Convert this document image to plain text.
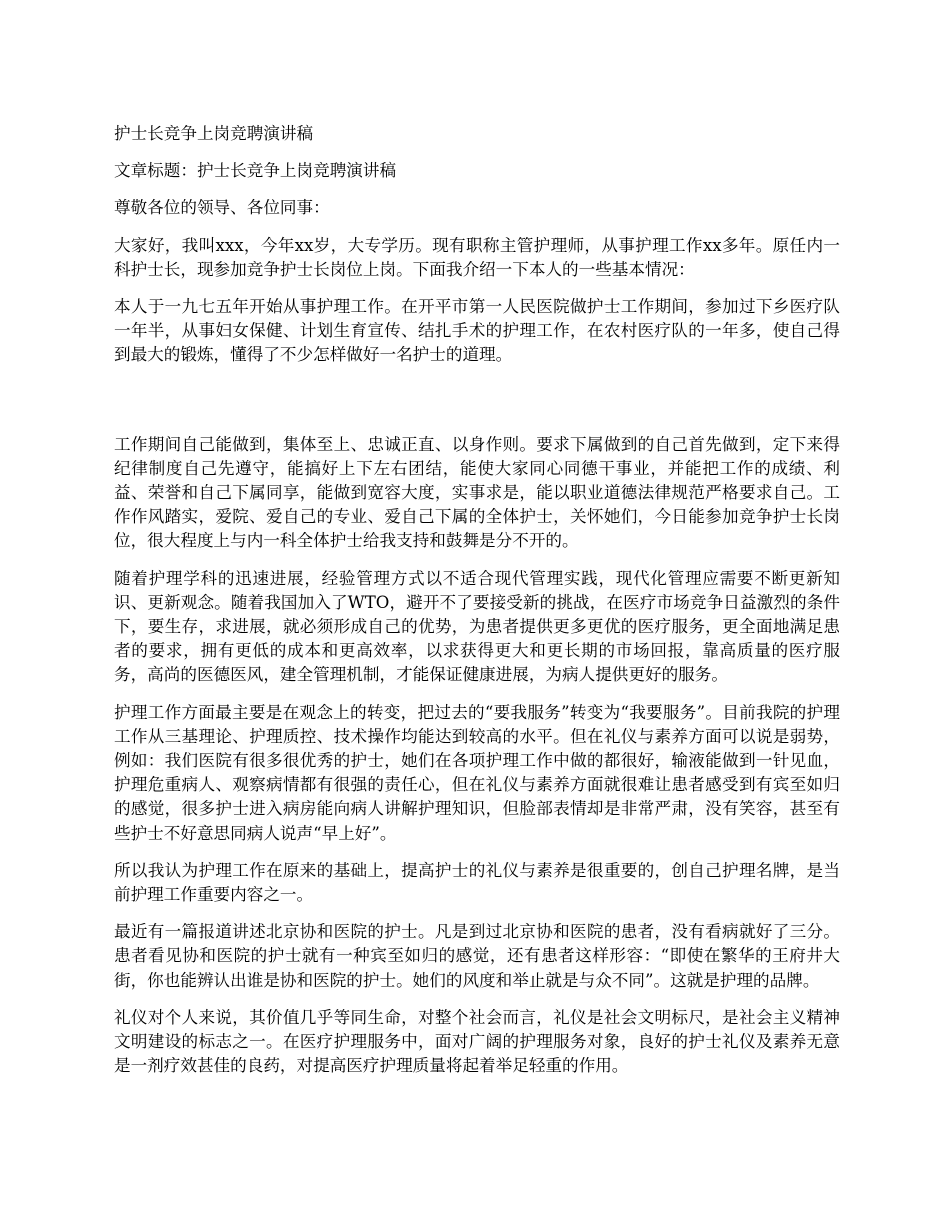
护士长竞争上岗竞聘演讲稿

文章标题：护士长竞争上岗竞聘演讲稿

尊敬各位的领导、各位同事：

大家好，我叫xxx，今年xx岁，大专学历。现有职称主管护理师，从事护理工作xx多年。原任内一科护士长，现参加竞争护士长岗位上岗。下面我介绍一下本人的一些基本情况：

本人于一九七五年开始从事护理工作。在开平市第一人民医院做护士工作期间，参加过下乡医疗队一年半，从事妇女保健、计划生育宣传、结扎手术的护理工作，在农村医疗队的一年多，使自己得到最大的锻炼，懂得了不少怎样做好一名护士的道理。

工作期间自己能做到，集体至上、忠诚正直、以身作则。要求下属做到的自己首先做到，定下来得纪律制度自己先遵守，能搞好上下左右团结，能使大家同心同德干事业，并能把工作的成绩、利益、荣誉和自己下属同享，能做到宽容大度，实事求是，能以职业道德法律规范严格要求自己。工作作风踏实，爱院、爱自己的专业、爱自己下属的全体护士，关怀她们，今日能参加竞争护士长岗位，很大程度上与内一科全体护士给我支持和鼓舞是分不开的。

随着护理学科的迅速进展，经验管理方式以不适合现代管理实践，现代化管理应需要不断更新知识、更新观念。随着我国加入了WTO，避开不了要接受新的挑战，在医疗市场竞争日益激烈的条件下，要生存，求进展，就必须形成自己的优势，为患者提供更多更优的医疗服务，更全面地满足患者的要求，拥有更低的成本和更高效率，以求获得更大和更长期的市场回报，靠高质量的医疗服务，高尚的医德医风，建全管理机制，才能保证健康进展，为病人提供更好的服务。

护理工作方面最主要是在观念上的转变，把过去的“要我服务”转变为“我要服务”。目前我院的护理工作从三基理论、护理质控、技术操作均能达到较高的水平。但在礼仪与素养方面可以说是弱势，例如：我们医院有很多很优秀的护士，她们在各项护理工作中做的都很好，输液能做到一针见血，护理危重病人、观察病情都有很强的责任心，但在礼仪与素养方面就很难让患者感受到有宾至如归的感觉，很多护士进入病房能向病人讲解护理知识，但脸部表情却是非常严肃，没有笑容，甚至有些护士不好意思同病人说声“早上好”。

所以我认为护理工作在原来的基础上，提高护士的礼仪与素养是很重要的，创自己护理名牌，是当前护理工作重要内容之一。

最近有一篇报道讲述北京协和医院的护士。凡是到过北京协和医院的患者，没有看病就好了三分。患者看见协和医院的护士就有一种宾至如归的感觉，还有患者这样形容：“即使在繁华的王府井大街，你也能辨认出谁是协和医院的护士。她们的风度和举止就是与众不同”。这就是护理的品牌。

礼仪对个人来说，其价值几乎等同生命，对整个社会而言，礼仪是社会文明标尺，是社会主义精神文明建设的标志之一。在医疗护理服务中，面对广阔的护理服务对象，良好的护士礼仪及素养无意是一剂疗效甚佳的良药，对提高医疗护理质量将起着举足轻重的作用。
